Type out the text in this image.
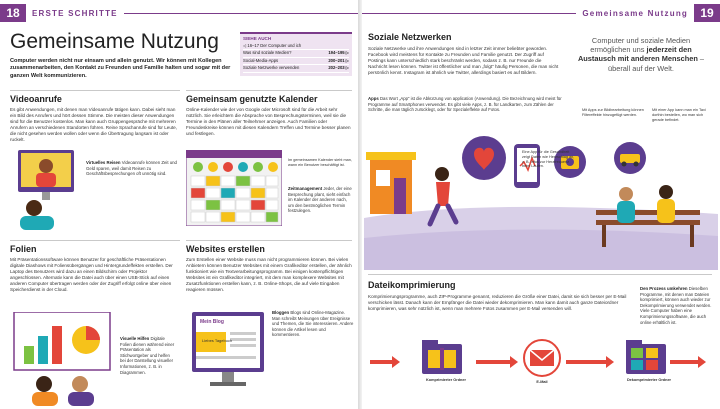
18	ERSTE SCHRITTE	Gemeinsame Nutzung	19
Gemeinsame Nutzung
Computer werden nicht nur einsam und allein genutzt. Wir können mit Kollegen zusammenarbeiten, den Kontakt zu Freunden und Familie halten und sogar mit der ganzen Welt kommunizieren.
SIEHE AUCH
◁ 16–17 Der Computer und ich
Was sind soziale Medien?	194–195 ▷
Social-Media-Apps	200–201 ▷
Soziale Netzwerke verwenden	202–203 ▷
Videoanrufe
Es gibt Anwendungen, mit denen man Videoanrufe tätigen kann. Dabei sieht man ein Bild des Anrufers und hört dessen Stimme. Die meisten dieser Anwendungen sind für die Benutzer kostenlos. Man kann auch Gruppengespräche mit mehreren Anrufern an verschiedenen Standorten führen. Reine Sprachanrufe sind für Leute, die nicht gesehen werden wollen oder wenn die Übertragung langsam ist oder ruckelt.
Virtuelles Reisen Videoanrufe können Zeit und Geld sparen, weil damit Reisen zu Geschäftsbesprechungen oft unnötig sind.
Gemeinsam genutzte Kalender
Online-Kalender wie der von Google oder Microsoft sind für die Arbeit sehr nützlich. Sie erleichtern die Absprache von Besprechungsterminen, weil sie die Termine in den Plänen aller Teilnehmer anzeigen. Auch Familien oder Freundeskreise können mit diesen Kalendern Treffen und Termine besser planen und festlegen.
Im gemeinsamen Kalender sieht man, wann ein Benutzer beschäftigt ist.
Zeitmanagement Jeder, der eine Besprechung plant, sieht einfach im Kalender der anderen nach, um den bestmöglichen Termin festzulegen.
Folien
Mit Präsentationssoftware können Benutzer für geschäftliche Präsentationen digitale Diashows mit Foliensübergängen und Hintergrundeffekten erstellen. Der Laptop des Benutzers wird dazu an einen Bildschirm oder Projektor angeschlossen. Alternativ kann die Datei auch über einen USB-Stick auf einen anderen Computer übertragen werden oder der Zugriff erfolgt online über einen Speicherdienst in der Cloud.
Visuelle Hilfen Digitale Folien dienen während einer Präsentation als Stichwortgeber und helfen bei der Darstellung visueller Informationen, z. B. in Diagrammen.
Websites erstellen
Zum Erstellen einer Website muss man nicht programmieren können. Bei vielen Anbietern können Benutzer Websites mit einem Grafikeditor erstellen, der ähnlich funktioniert wie ein Textverarbeitungsprogramm. Bei einigen kostenpflichtigen Websites ist ein Grafikeditor integriert, mit dem man komplexere Websites mit Zusatzfunktionen erstellen kann, z. B. Online-Shops, die auf viele Eingaben reagieren müssen.
Mein Blog
Liebes Tagebuch
Bloggen Blogs sind Online-Magazine. Man schreibt Meinungen über Ereignisse und Themen, die Sie interessieren. Andere können die Artikel lesen und kommentieren.
Soziale Netzwerken
Soziale Netzwerke und ihre Anwendungen sind in letzter Zeit immer beliebter geworden. Facebook wird meistens für Kontakte zu Freunden und Familie genutzt. Der Zugriff auf Postings kann unterschiedlich stark beschränkt werden, sodass z. B. nur Freunde die Nachricht lesen können. Twitter ist öffentlicher und man „folgt“ häufig Personen, die man nicht persönlich kennt. Instagram ist ähnlich wie Twitter, allerdings basiert es auf Bildern.
Apps Das Wort „App“ ist die Abkürzung von application (Anwendung). Die Bezeichnung wird meist für Programme auf Smartphones verwendet. Es gibt viele Apps, z. B. für Landkarten, zum Zählen der Schritte, die man täglich zurücklegt, oder für Spezialeffekte auf Fotos.
Computer und soziale Medien ermöglichen uns jederzeit den Austausch mit anderen Menschen – überall auf der Welt.
Eine App für die Gesundheit zeigt Daten wie Herzschlag an, z. B. Infos zur Herzfrequenz beim Laufen.
Mit Apps zur Bildbearbeitung können Filtereffekte hinzugefügt werden.
Mit einer App kann man ein Taxi dorthin bestellen, wo man sich gerade befindet.
Dateikomprimierung
Komprimierungsprogramme, auch ZIP-Programme genannt, reduzieren die Größe einer Datei, damit sie sich besser per E-Mail verschicken lässt. Danach kann der Empfänger die Datei wieder dekomprimieren. Man kann damit auch ganze Dateiordner komprimieren, was sehr nützlich ist, wenn man mehrere Fotos zusammen per E-Mail versenden will.
Den Prozess umkehren Dieselben Programme, mit denen man Dateien komprimiert, können auch wieder zur Dekomprimierung verwendet werden. Viele Computer haben eine Komprimierungssoftware, die auch online erhältlich ist.
Komprimierter Ordner	E-Mail	Dekomprimierter Ordner
